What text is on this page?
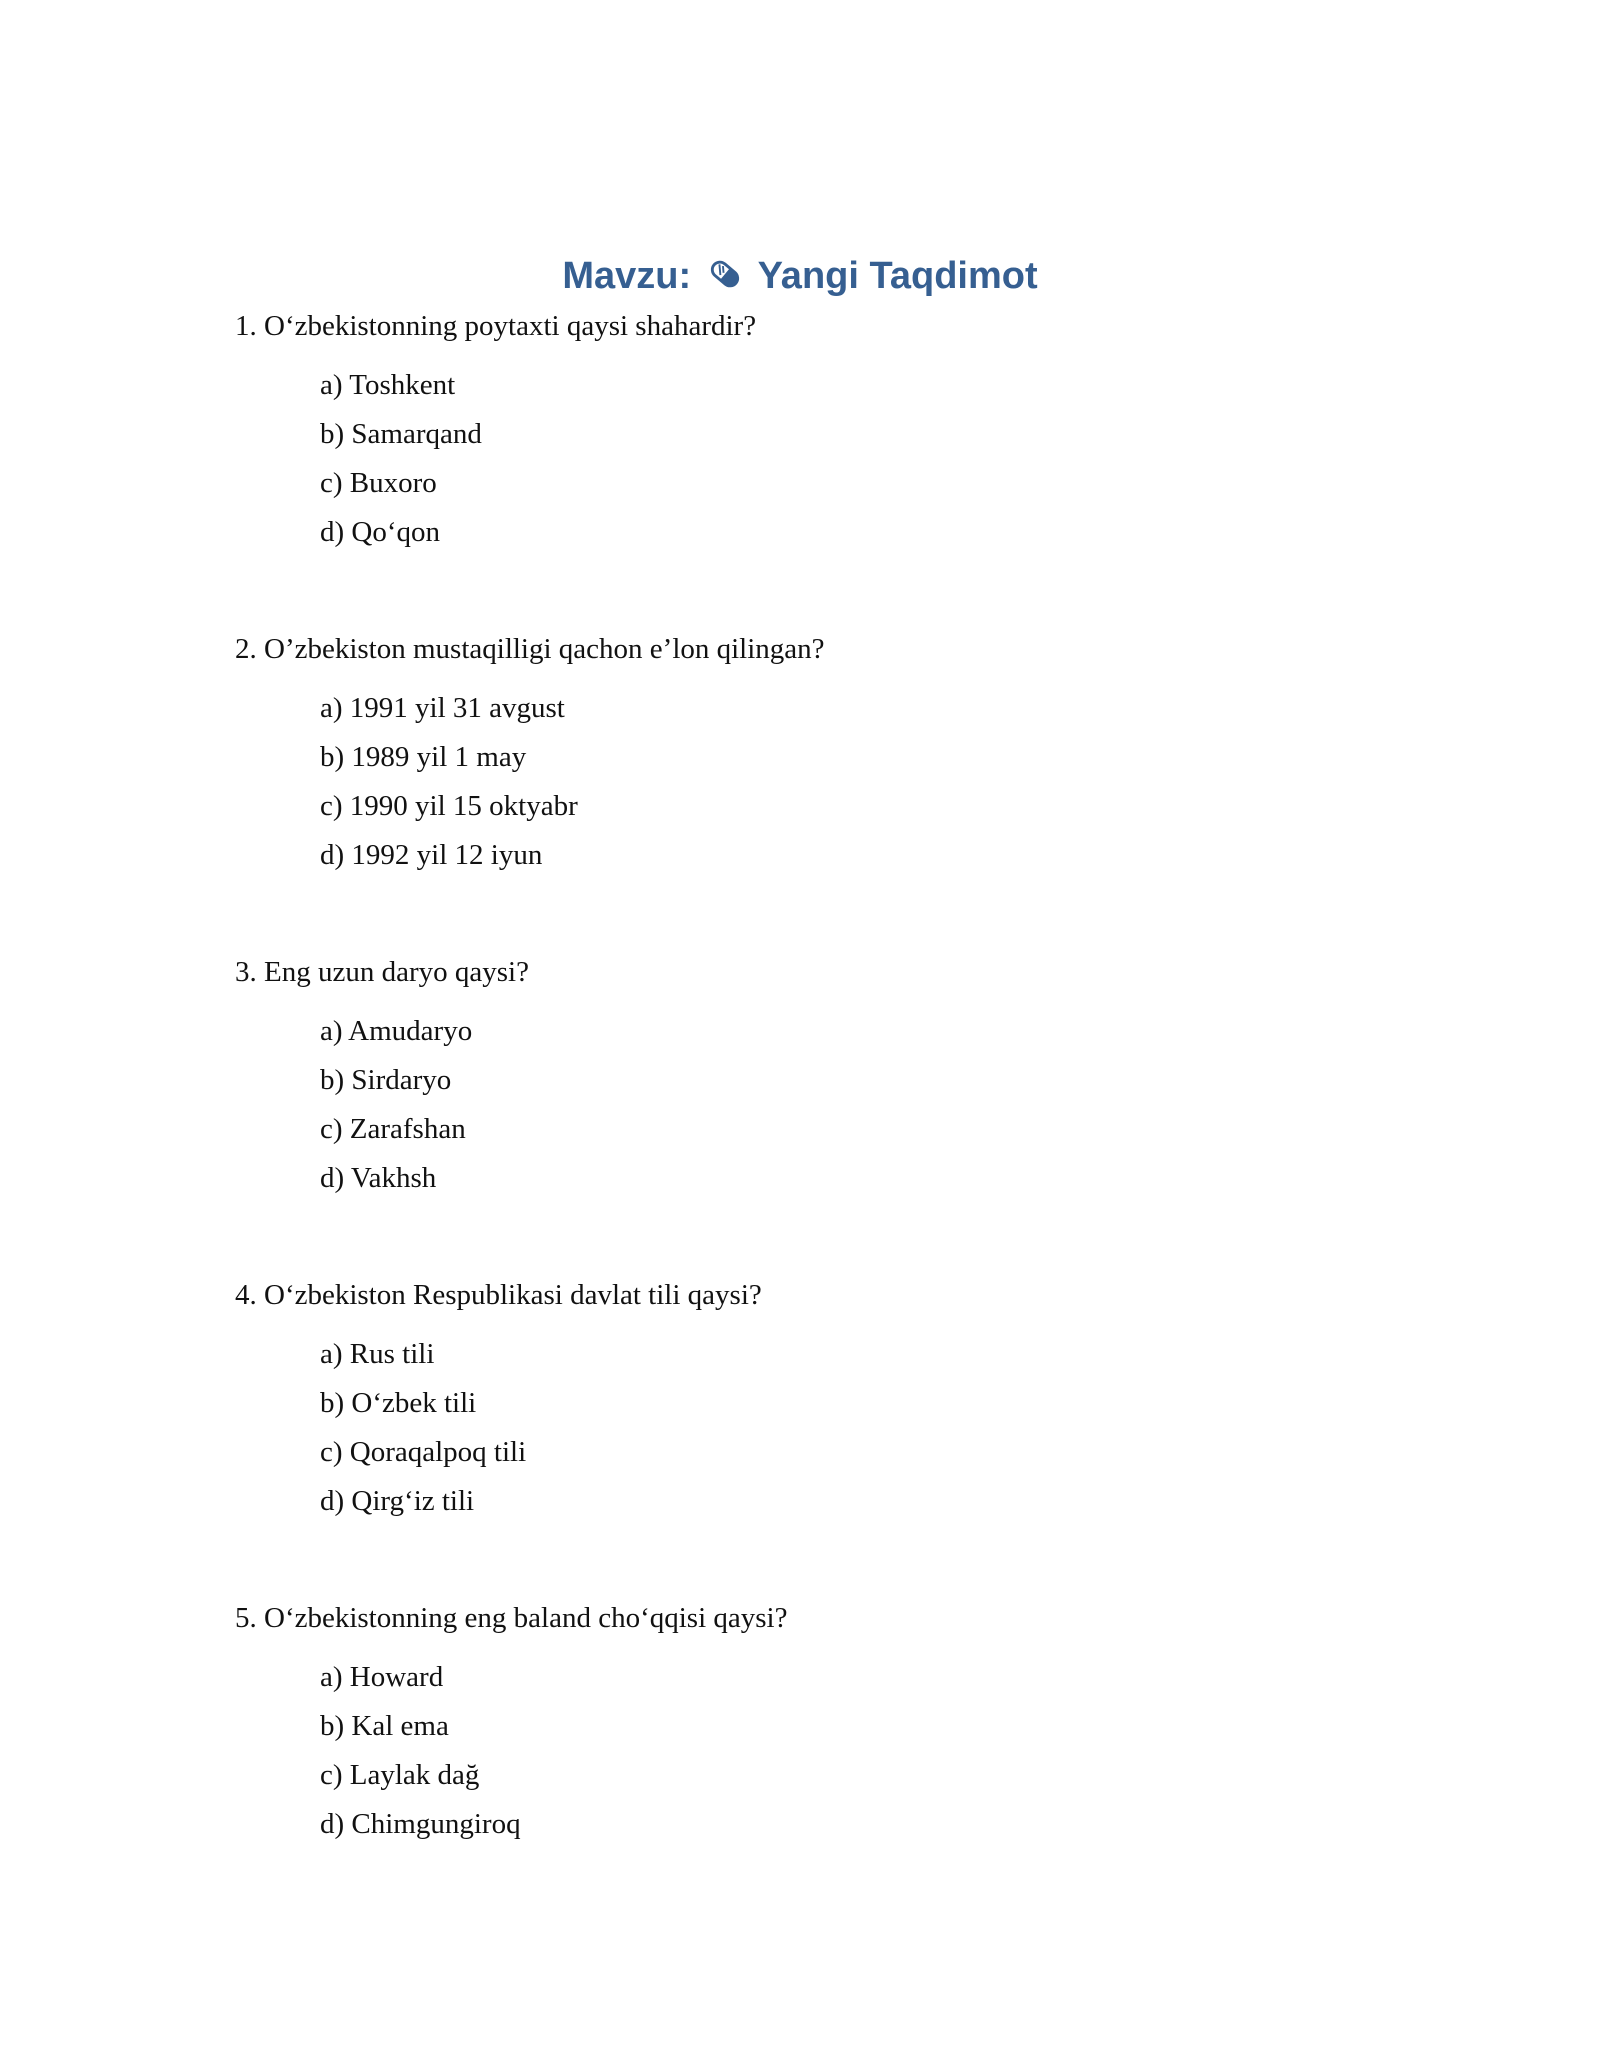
Mavzu: Yangi Taqdimot
1. O‘zbekistonning poytaxti qaysi shahardir?
a) Toshkent
b) Samarqand
c) Buxoro
d) Qo‘qon
2. O’zbekiston mustaqilligi qachon e’lon qilingan?
a) 1991 yil 31 avgust
b) 1989 yil 1 may
c) 1990 yil 15 oktyabr
d) 1992 yil 12 iyun
3. Eng uzun daryo qaysi?
a) Amudaryo
b) Sirdaryo
c) Zarafshan
d) Vakhsh
4. O‘zbekiston Respublikasi davlat tili qaysi?
a) Rus tili
b) O‘zbek tili
c) Qoraqalpoq tili
d) Qirg‘iz tili
5. O‘zbekistonning eng baland cho‘qqisi qaysi?
a) Howard
b) Kal ema
c) Laylak dağ
d) Chimgungiroq
